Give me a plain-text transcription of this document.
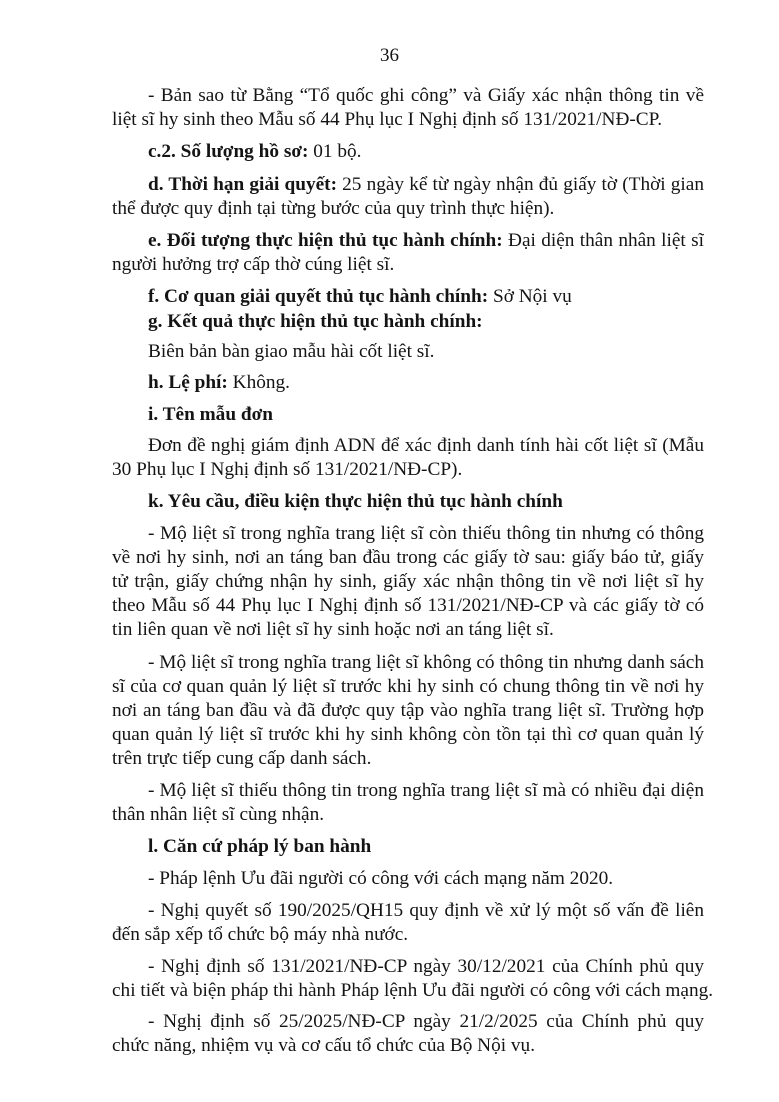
36
- Bản sao từ Bằng “Tổ quốc ghi công” và Giấy xác nhận thông tin về
liệt sĩ hy sinh theo Mẫu số 44 Phụ lục I Nghị định số 131/2021/NĐ-CP.
c.2. Số lượng hồ sơ: 01 bộ.
d. Thời hạn giải quyết: 25 ngày kể từ ngày nhận đủ giấy tờ (Thời gian
thể được quy định tại từng bước của quy trình thực hiện).
e. Đối tượng thực hiện thủ tục hành chính: Đại diện thân nhân liệt sĩ
người hưởng trợ cấp thờ cúng liệt sĩ.
f. Cơ quan giải quyết thủ tục hành chính: Sở Nội vụ
g. Kết quả thực hiện thủ tục hành chính:
Biên bản bàn giao mẫu hài cốt liệt sĩ.
h. Lệ phí: Không.
i. Tên mẫu đơn
Đơn đề nghị giám định ADN để xác định danh tính hài cốt liệt sĩ (Mẫu
30 Phụ lục I Nghị định số 131/2021/NĐ-CP).
k. Yêu cầu, điều kiện thực hiện thủ tục hành chính
- Mộ liệt sĩ trong nghĩa trang liệt sĩ còn thiếu thông tin nhưng có thông
về nơi hy sinh, nơi an táng ban đầu trong các giấy tờ sau: giấy báo tử, giấy
tử trận, giấy chứng nhận hy sinh, giấy xác nhận thông tin về nơi liệt sĩ hy
theo Mẫu số 44 Phụ lục I Nghị định số 131/2021/NĐ-CP và các giấy tờ có
tin liên quan về nơi liệt sĩ hy sinh hoặc nơi an táng liệt sĩ.
- Mộ liệt sĩ trong nghĩa trang liệt sĩ không có thông tin nhưng danh sách
sĩ của cơ quan quản lý liệt sĩ trước khi hy sinh có chung thông tin về nơi hy
nơi an táng ban đầu và đã được quy tập vào nghĩa trang liệt sĩ. Trường hợp
quan quản lý liệt sĩ trước khi hy sinh không còn tồn tại thì cơ quan quản lý
trên trực tiếp cung cấp danh sách.
- Mộ liệt sĩ thiếu thông tin trong nghĩa trang liệt sĩ mà có nhiều đại diện
thân nhân liệt sĩ cùng nhận.
l. Căn cứ pháp lý ban hành
- Pháp lệnh Ưu đãi người có công với cách mạng năm 2020.
- Nghị quyết số 190/2025/QH15 quy định về xử lý một số vấn đề liên
đến sắp xếp tổ chức bộ máy nhà nước.
- Nghị định số 131/2021/NĐ-CP ngày 30/12/2021 của Chính phủ quy
chi tiết và biện pháp thi hành Pháp lệnh Ưu đãi người có công với cách mạng.
- Nghị định số 25/2025/NĐ-CP ngày 21/2/2025 của Chính phủ quy
chức năng, nhiệm vụ và cơ cấu tổ chức của Bộ Nội vụ.
